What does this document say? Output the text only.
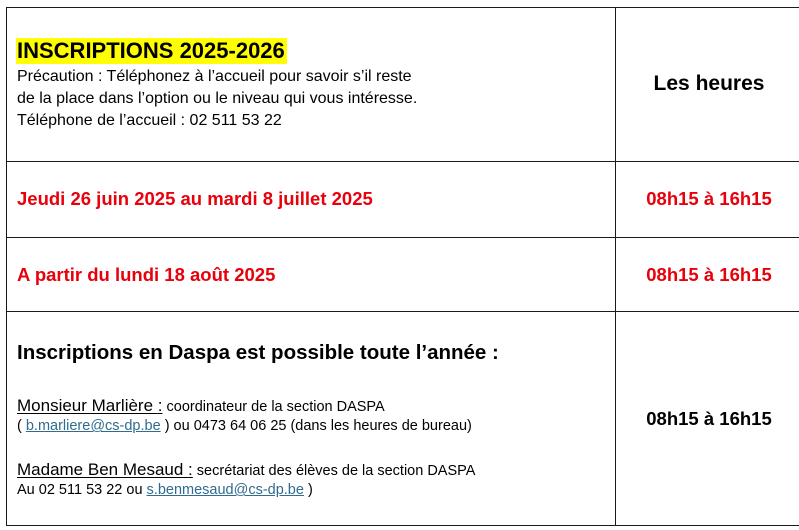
INSCRIPTIONS 2025-2026
Précaution : Téléphonez à l’accueil pour savoir s’il reste
de la place dans l’option ou le niveau qui vous intéresse.
Téléphone de l’accueil : 02 511 53 22	Les heures
Jeudi 26 juin 2025 au mardi 8 juillet 2025	08h15 à 16h15
A partir du lundi 18 août 2025	08h15 à 16h15

Inscriptions en Daspa est possible toute l’année :
Monsieur Marlière : coordinateur de la section DASPA
( b.marliere@cs-dp.be ) ou 0473 64 06 25 (dans les heures de bureau)
Madame Ben Mesaud : secrétariat des élèves de la section DASPA
Au 02 511 53 22 ou s.benmesaud@cs-dp.be )	08h15 à 16h15
